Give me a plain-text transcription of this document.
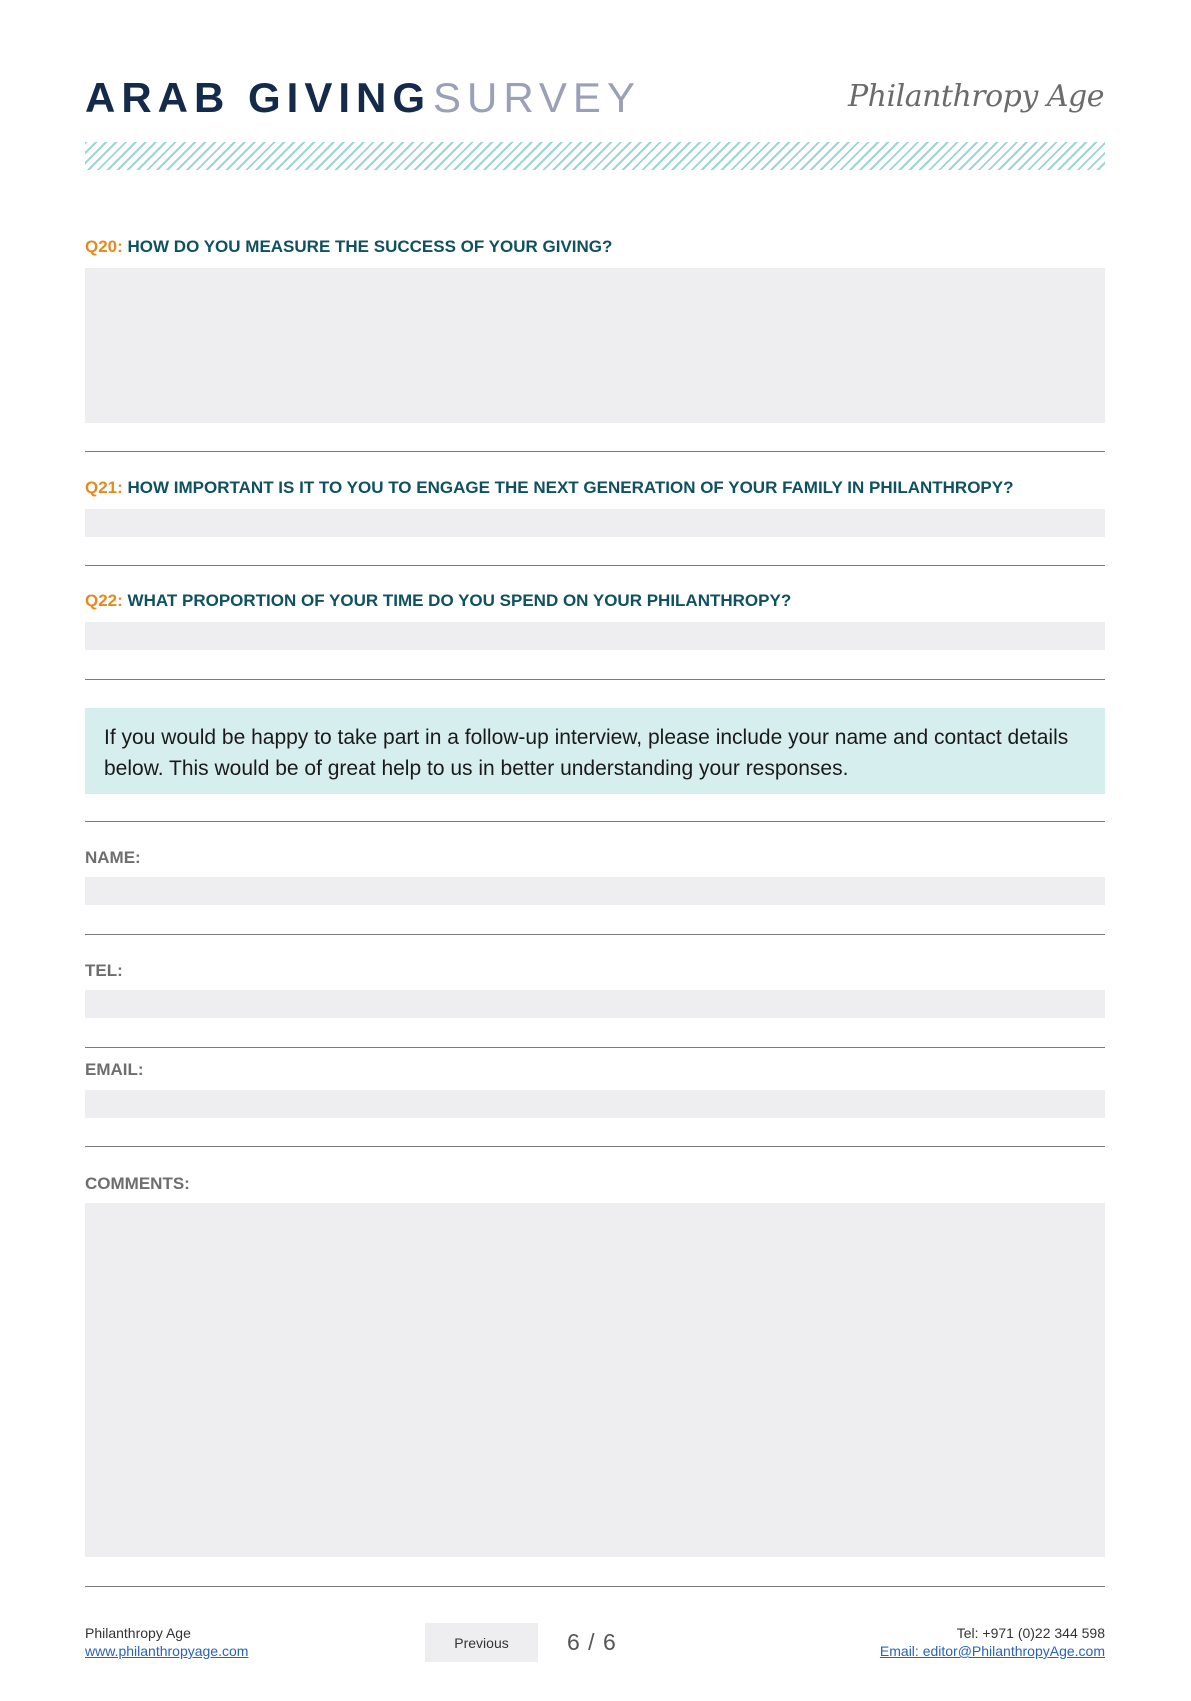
ARAB GIVING SURVEY	Philanthropy Age
Q20: HOW DO YOU MEASURE THE SUCCESS OF YOUR GIVING?
Q21: HOW IMPORTANT IS IT TO YOU TO ENGAGE THE NEXT GENERATION OF YOUR FAMILY IN PHILANTHROPY?
Q22: WHAT PROPORTION OF YOUR TIME DO YOU SPEND ON YOUR PHILANTHROPY?
If you would be happy to take part in a follow-up interview, please include your name and contact details below. This would be of great help to us in better understanding your responses.
NAME:
TEL:
EMAIL:
COMMENTS:
Philanthropy Age
www.philanthropyage.com
Previous	6 / 6	Tel: +971 (0)22 344 598
Email: editor@PhilanthropyAge.com
